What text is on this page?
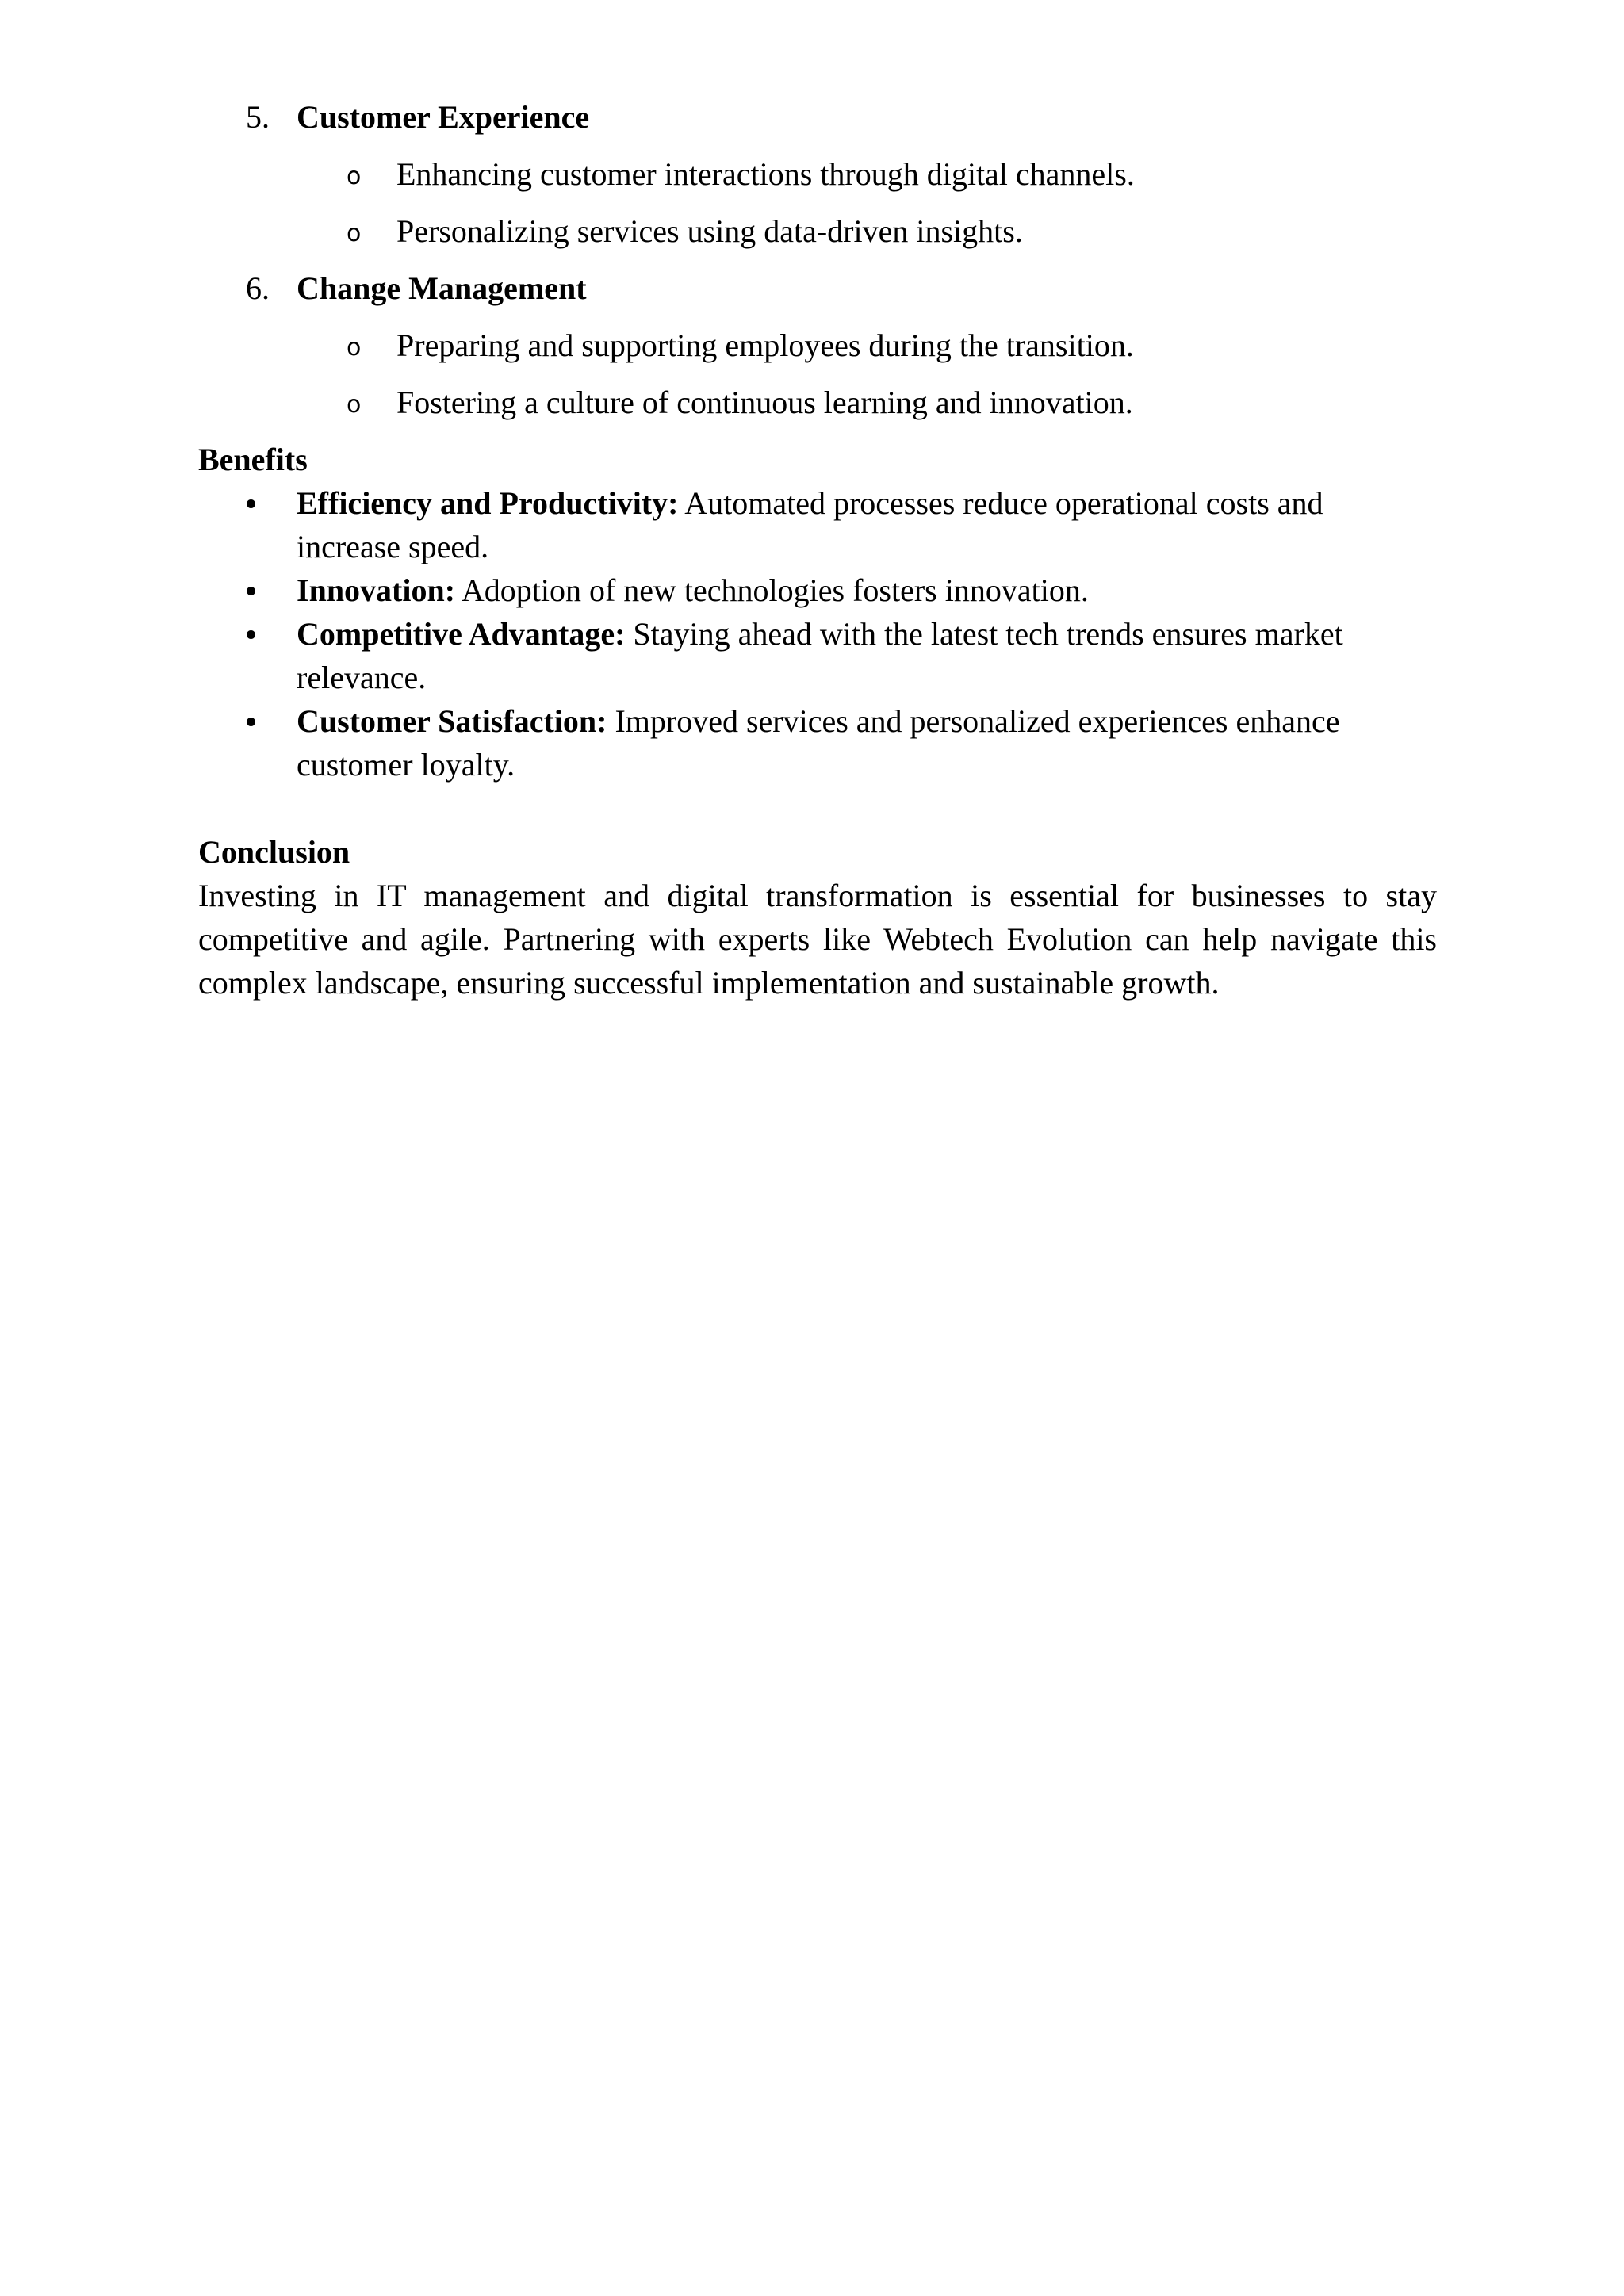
5. Customer Experience
o Enhancing customer interactions through digital channels.
o Personalizing services using data-driven insights.
6. Change Management
o Preparing and supporting employees during the transition.
o Fostering a culture of continuous learning and innovation.
Benefits
Efficiency and Productivity: Automated processes reduce operational costs and increase speed.
Innovation: Adoption of new technologies fosters innovation.
Competitive Advantage: Staying ahead with the latest tech trends ensures market relevance.
Customer Satisfaction: Improved services and personalized experiences enhance customer loyalty.
Conclusion
Investing in IT management and digital transformation is essential for businesses to stay competitive and agile. Partnering with experts like Webtech Evolution can help navigate this complex landscape, ensuring successful implementation and sustainable growth.
